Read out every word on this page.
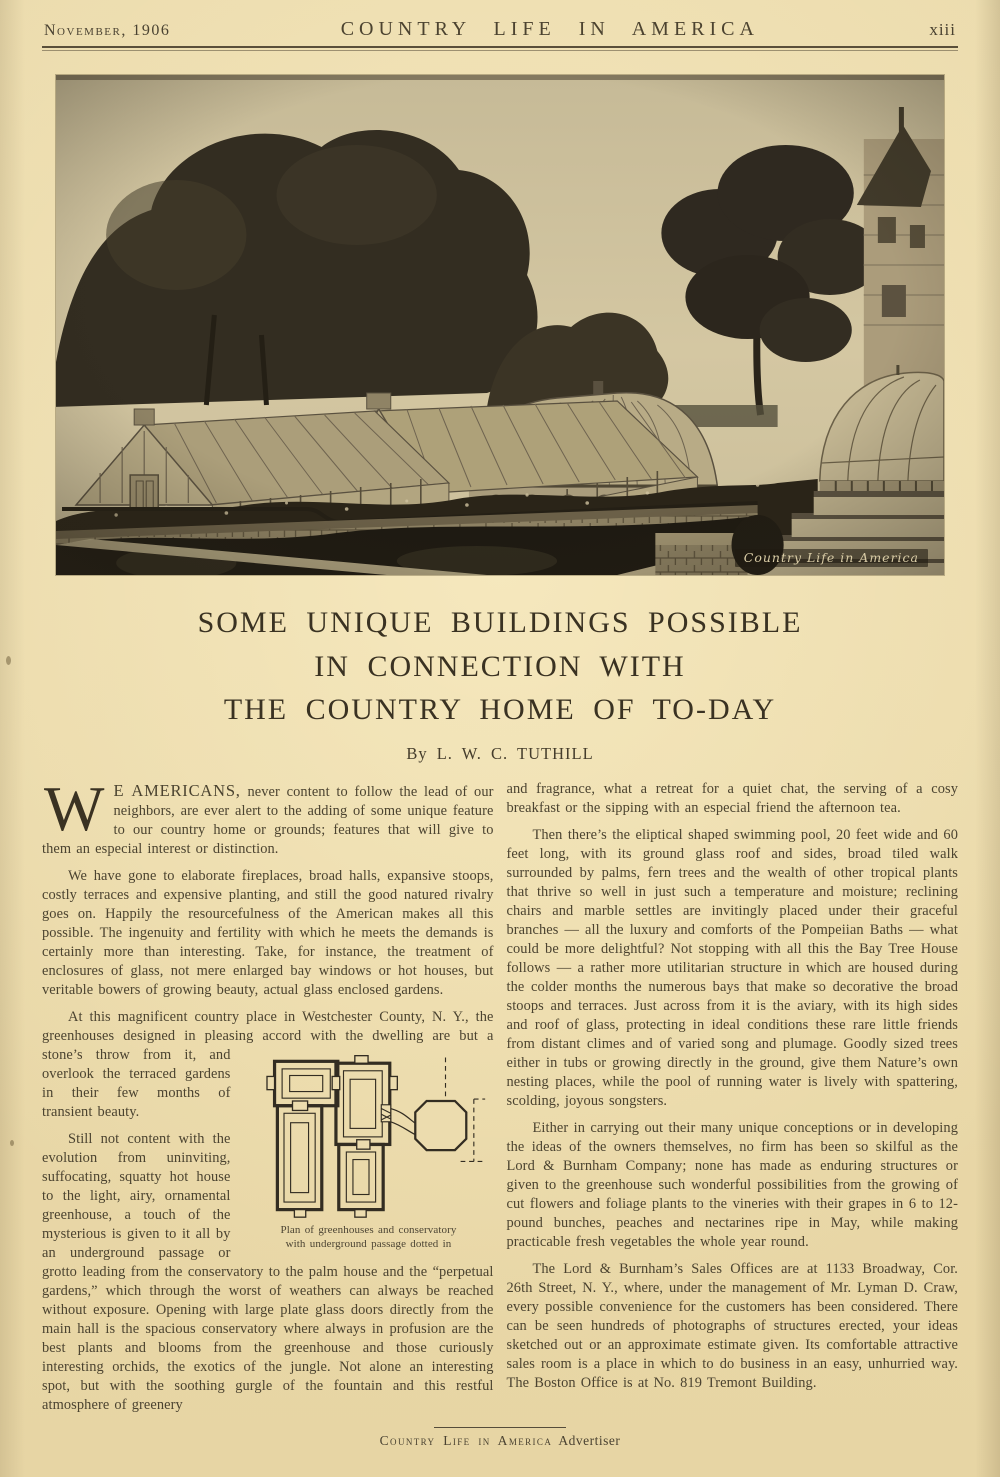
November, 1906	COUNTRY LIFE IN AMERICA	xiii
Country Life in America
SOME UNIQUE BUILDINGS POSSIBLE
IN CONNECTION WITH
THE COUNTRY HOME OF TO-DAY
By L. W. C. TUTHILL

W E AMERICANS, never content to follow the lead of our neighbors, are ever alert to the adding of some unique feature to our country home or grounds; features that will give to them an especial interest or distinction.

We have gone to elaborate fireplaces, broad halls, expansive stoops, costly terraces and expensive planting, and still the good natured rivalry goes on. Happily the resourcefulness of the American makes all this possible. The ingenuity and fertility with which he meets the demands is certainly more than interesting. Take, for instance, the treatment of enclosures of glass, not mere enlarged bay windows or hot houses, but veritable bowers of growing beauty, actual glass enclosed gardens.

At this magnificent country place in Westchester County, N. Y., the greenhouses designed in pleasing accord with the dwelling are but a stone’s throw from it, and
Plan of greenhouses and conservatory with underground passage dotted in
overlook the terraced gardens in their few months of transient beauty.

Still not content with the evolution from uninviting, suffocating, squatty hot house to the light, airy, ornamental greenhouse, a touch of the mysterious is given to it all by an underground passage or grotto leading from the conservatory to the palm house and the “perpetual gardens,” which through the worst of weathers can always be reached without exposure. Opening with large plate glass doors directly from the main hall is the spacious conservatory where always in profusion are the best plants and blooms from the greenhouse and those curiously interesting orchids, the exotics of the jungle. Not alone an interesting spot, but with the soothing gurgle of the fountain and this restful atmosphere of greenery

and fragrance, what a retreat for a quiet chat, the serving of a cosy breakfast or the sipping with an especial friend the afternoon tea.

Then there’s the eliptical shaped swimming pool, 20 feet wide and 60 feet long, with its ground glass roof and sides, broad tiled walk surrounded by palms, fern trees and the wealth of other tropical plants that thrive so well in just such a temperature and moisture; reclining chairs and marble settles are invitingly placed under their graceful branches — all the luxury and comforts of the Pompeiian Baths — what could be more delightful? Not stopping with all this the Bay Tree House follows — a rather more utilitarian structure in which are housed during the colder months the numerous bays that make so decorative the broad stoops and terraces. Just across from it is the aviary, with its high sides and roof of glass, protecting in ideal conditions these rare little friends from distant climes and of varied song and plumage. Goodly sized trees either in tubs or growing directly in the ground, give them Nature’s own nesting places, while the pool of running water is lively with spattering, scolding, joyous songsters.

Either in carrying out their many unique conceptions or in developing the ideas of the owners themselves, no firm has been so skilful as the Lord & Burnham Company; none has made as enduring structures or given to the greenhouse such wonderful possibilities from the growing of cut flowers and foliage plants to the vineries with their grapes in 6 to 12-pound bunches, peaches and nectarines ripe in May, while making practicable fresh vegetables the whole year round.

The Lord & Burnham’s Sales Offices are at 1133 Broadway, Cor. 26th Street, N. Y., where, under the management of Mr. Lyman D. Craw, every possible convenience for the customers has been considered. There can be seen hundreds of photographs of structures erected, your ideas sketched out or an approximate estimate given. Its comfortable attractive sales room is a place in which to do business in an easy, unhurried way. The Boston Office is at No. 819 Tremont Building.

Country Life in America Advertiser
